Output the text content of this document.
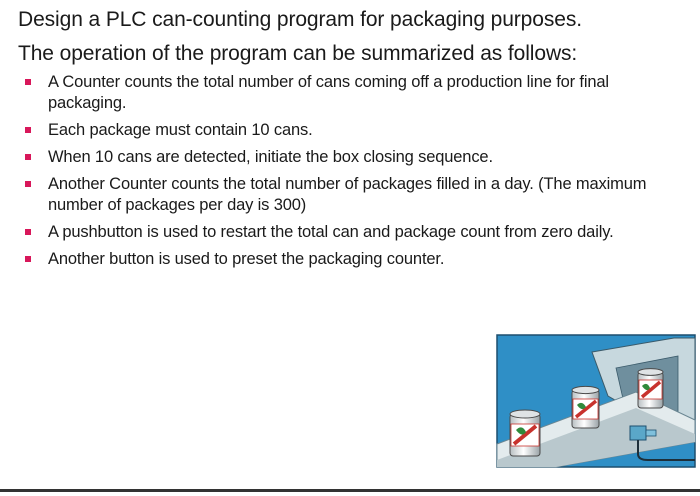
Design a PLC can-counting program for packaging purposes.
The operation of the program can be summarized as follows:
A Counter counts the total number of cans coming off a production line for final packaging.
Each package must contain 10 cans.
When 10 cans are detected, initiate the box closing sequence.
Another Counter counts the total number of packages filled in a day. (The maximum number of packages per day is 300)
A pushbutton is used to restart the total can and package count from zero daily.
Another button is used to preset the packaging counter.
